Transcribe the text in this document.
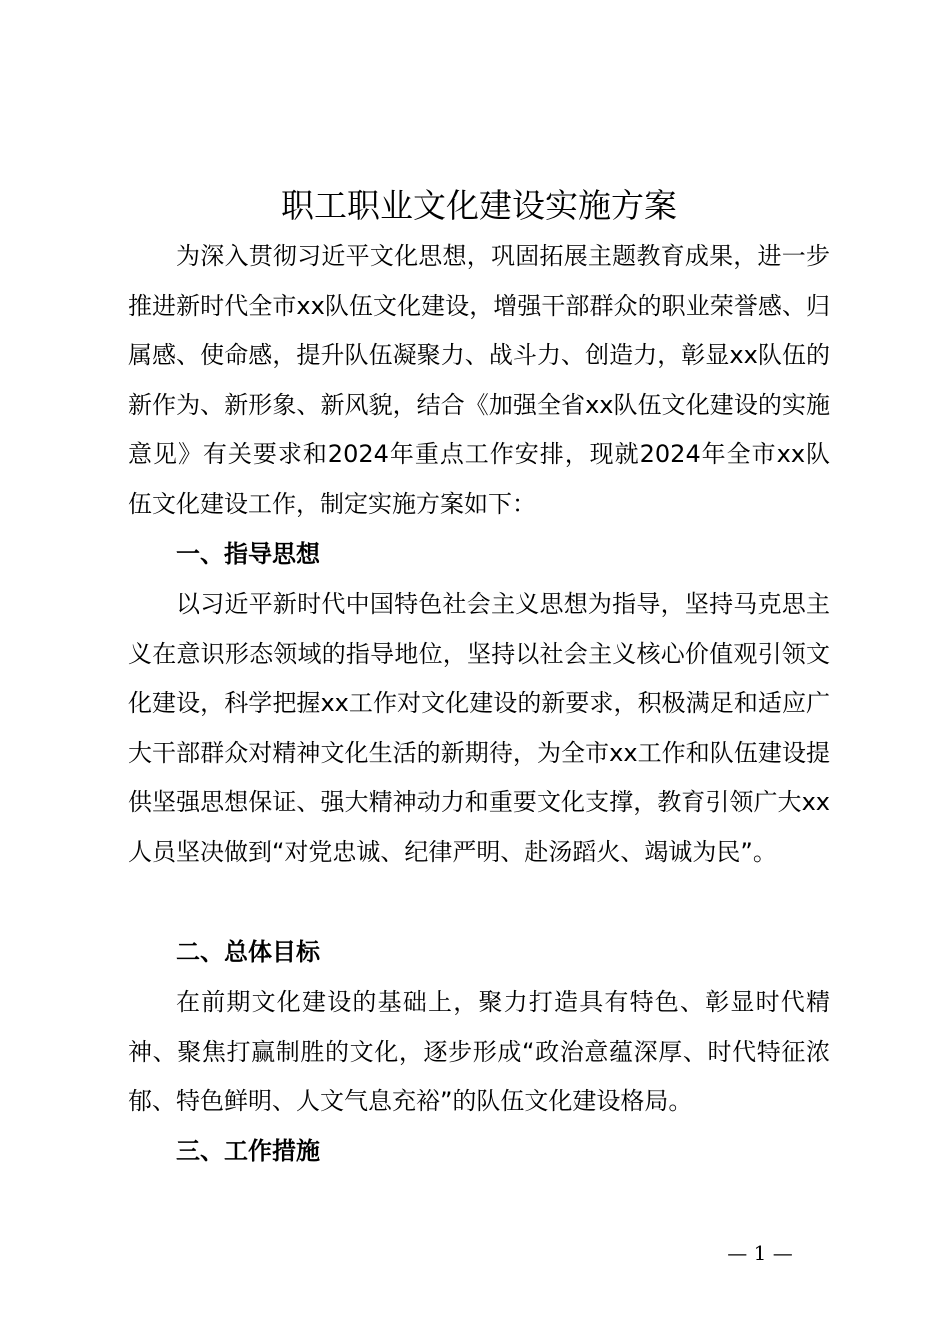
职工职业文化建设实施方案

为深入贯彻习近平文化思想，巩固拓展主题教育成果，进一步推进新时代全市xx队伍文化建设，增强干部群众的职业荣誉感、归属感、使命感，提升队伍凝聚力、战斗力、创造力，彰显xx队伍的新作为、新形象、新风貌，结合《加强全省xx队伍文化建设的实施意见》有关要求和2024年重点工作安排，现就2024年全市xx队伍文化建设工作，制定实施方案如下：

一、指导思想

以习近平新时代中国特色社会主义思想为指导，坚持马克思主义在意识形态领域的指导地位，坚持以社会主义核心价值观引领文化建设，科学把握xx工作对文化建设的新要求，积极满足和适应广大干部群众对精神文化生活的新期待，为全市xx工作和队伍建设提供坚强思想保证、强大精神动力和重要文化支撑，教育引领广大xx人员坚决做到“对党忠诚、纪律严明、赴汤蹈火、竭诚为民”。

二、总体目标

在前期文化建设的基础上，聚力打造具有特色、彰显时代精神、聚焦打赢制胜的文化，逐步形成“政治意蕴深厚、时代特征浓郁、特色鲜明、人文气息充裕”的队伍文化建设格局。

三、工作措施
— 1 —
